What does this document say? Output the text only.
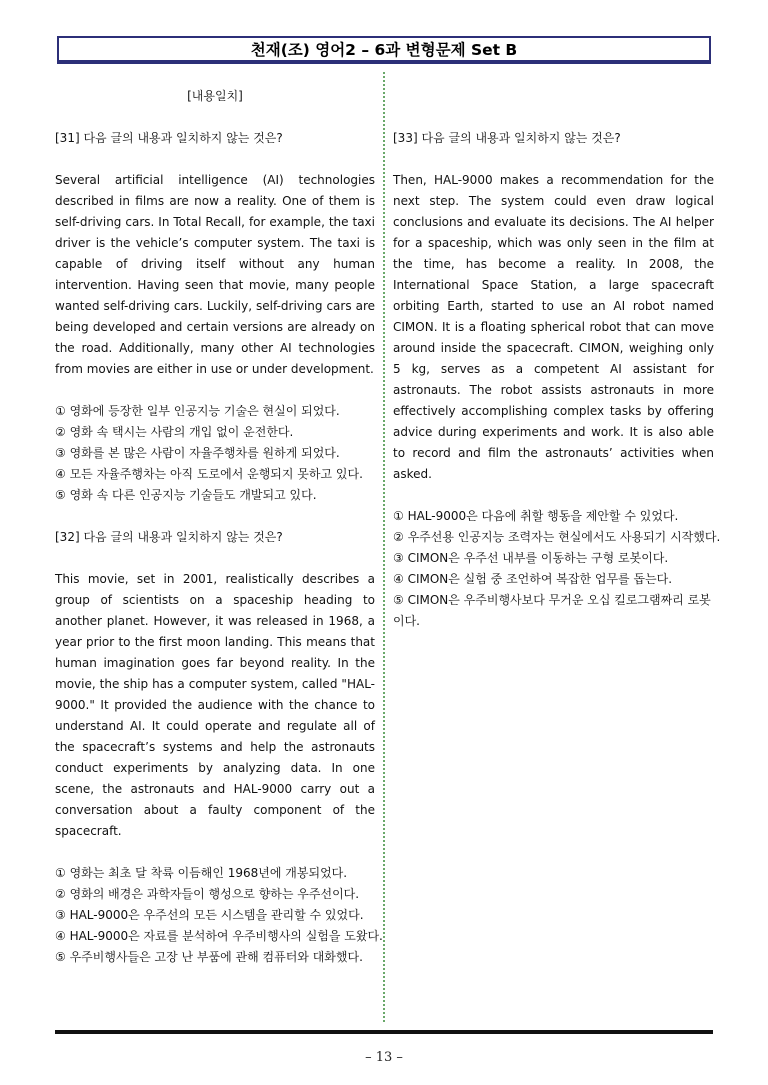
천재(조) 영어2 – 6과 변형문제 Set B

[내용일치]

[31] 다음 글의 내용과 일치하지 않는 것은?

Several artificial intelligence (AI) technologies described in films are now a reality. One of them is self-driving cars. In Total Recall, for example, the taxi driver is the vehicle’s computer system. The taxi is capable of driving itself without any human intervention. Having seen that movie, many people wanted self-driving cars. Luckily, self-driving cars are being developed and certain versions are already on the road. Additionally, many other AI technologies from movies are either in use or under development.

① 영화에 등장한 일부 인공지능 기술은 현실이 되었다.

② 영화 속 택시는 사람의 개입 없이 운전한다.

③ 영화를 본 많은 사람이 자율주행차를 원하게 되었다.

④ 모든 자율주행차는 아직 도로에서 운행되지 못하고 있다.

⑤ 영화 속 다른 인공지능 기술들도 개발되고 있다.

[32] 다음 글의 내용과 일치하지 않는 것은?

This movie, set in 2001, realistically describes a group of scientists on a spaceship heading to another planet. However, it was released in 1968, a year prior to the first moon landing. This means that human imagination goes far beyond reality. In the movie, the ship has a computer system, called "HAL-9000." It provided the audience with the chance to understand AI. It could operate and regulate all of the spacecraft’s systems and help the astronauts conduct experiments by analyzing data. In one scene, the astronauts and HAL-9000 carry out a conversation about a faulty component of the spacecraft.

① 영화는 최초 달 착륙 이듬해인 1968년에 개봉되었다.

② 영화의 배경은 과학자들이 행성으로 향하는 우주선이다.

③ HAL-9000은 우주선의 모든 시스템을 관리할 수 있었다.

④ HAL-9000은 자료를 분석하여 우주비행사의 실험을 도왔다.

⑤ 우주비행사들은 고장 난 부품에 관해 컴퓨터와 대화했다.

[33] 다음 글의 내용과 일치하지 않는 것은?

Then, HAL-9000 makes a recommendation for the next step. The system could even draw logical conclusions and evaluate its decisions. The AI helper for a spaceship, which was only seen in the film at the time, has become a reality. In 2008, the International Space Station, a large spacecraft orbiting Earth, started to use an AI robot named CIMON. It is a floating spherical robot that can move around inside the spacecraft. CIMON, weighing only 5 kg, serves as a competent AI assistant for astronauts. The robot assists astronauts in more effectively accomplishing complex tasks by offering advice during experiments and work. It is also able to record and film the astronauts’ activities when asked.

① HAL-9000은 다음에 취할 행동을 제안할 수 있었다.

② 우주선용 인공지능 조력자는 현실에서도 사용되기 시작했다.

③ CIMON은 우주선 내부를 이동하는 구형 로봇이다.

④ CIMON은 실험 중 조언하여 복잡한 업무를 돕는다.

⑤ CIMON은 우주비행사보다 무거운 오십 킬로그램짜리 로봇이다.

– 13 –
